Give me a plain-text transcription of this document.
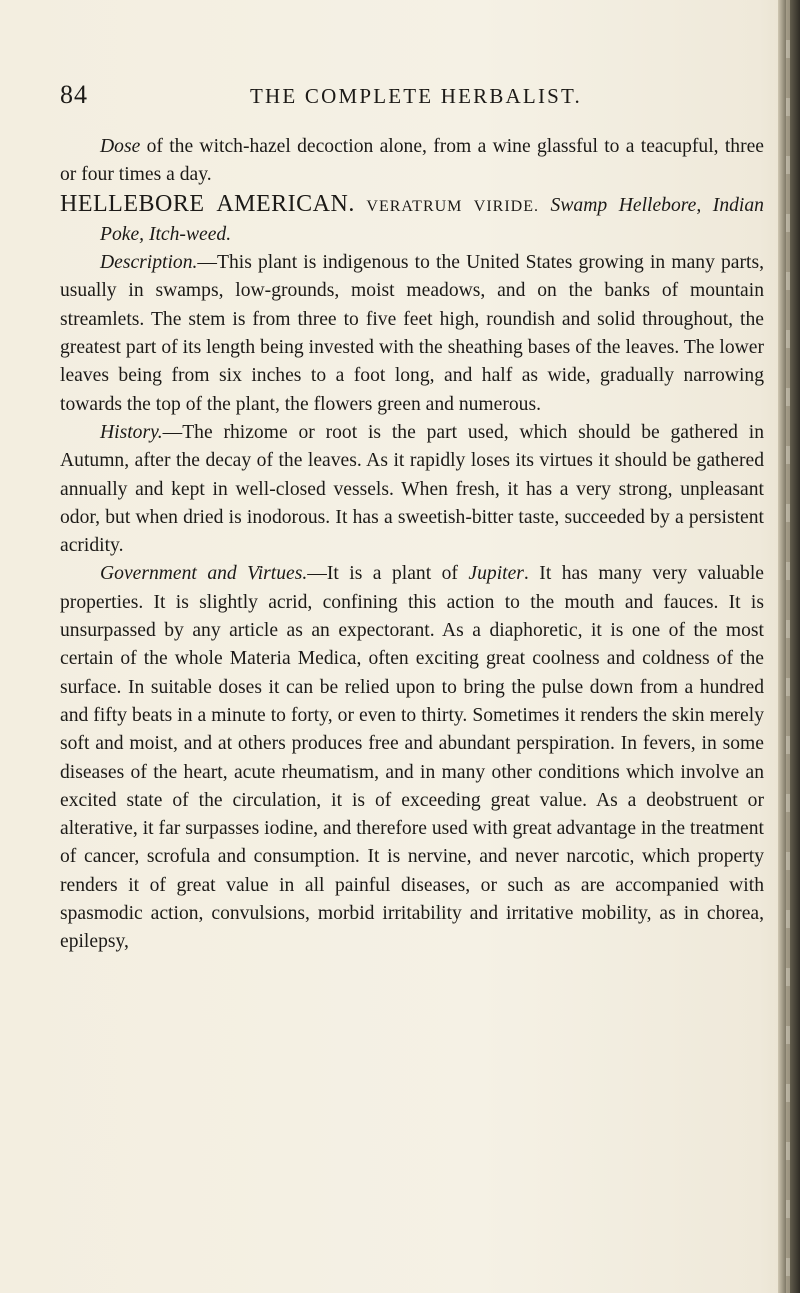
84	THE COMPLETE HERBALIST.

Dose of the witch-hazel decoction alone, from a wine glassful to a teacupful, three or four times a day.

HELLEBORE AMERICAN. VERATRUM VIRIDE. Swamp Hellebore, Indian Poke, Itch-weed.

Description.—This plant is indigenous to the United States growing in many parts, usually in swamps, low-grounds, moist meadows, and on the banks of mountain streamlets. The stem is from three to five feet high, roundish and solid throughout, the greatest part of its length being invested with the sheathing bases of the leaves. The lower leaves being from six inches to a foot long, and half as wide, gradually narrowing towards the top of the plant, the flowers green and numerous.

History.—The rhizome or root is the part used, which should be gathered in Autumn, after the decay of the leaves. As it rapidly loses its virtues it should be gathered annually and kept in well-closed vessels. When fresh, it has a very strong, unpleasant odor, but when dried is inodorous. It has a sweetish-bitter taste, succeeded by a persistent acridity.

Government and Virtues.—It is a plant of Jupiter. It has many very valuable properties. It is slightly acrid, confining this action to the mouth and fauces. It is unsurpassed by any article as an expectorant. As a diaphoretic, it is one of the most certain of the whole Materia Medica, often exciting great coolness and coldness of the surface. In suitable doses it can be relied upon to bring the pulse down from a hundred and fifty beats in a minute to forty, or even to thirty. Sometimes it renders the skin merely soft and moist, and at others produces free and abundant perspiration. In fevers, in some diseases of the heart, acute rheumatism, and in many other conditions which involve an excited state of the circulation, it is of exceeding great value. As a deobstruent or alterative, it far surpasses iodine, and therefore used with great advantage in the treatment of cancer, scrofula and consumption. It is nervine, and never narcotic, which property renders it of great value in all painful diseases, or such as are accompanied with spasmodic action, convulsions, morbid irritability and irritative mobility, as in chorea, epilepsy,
